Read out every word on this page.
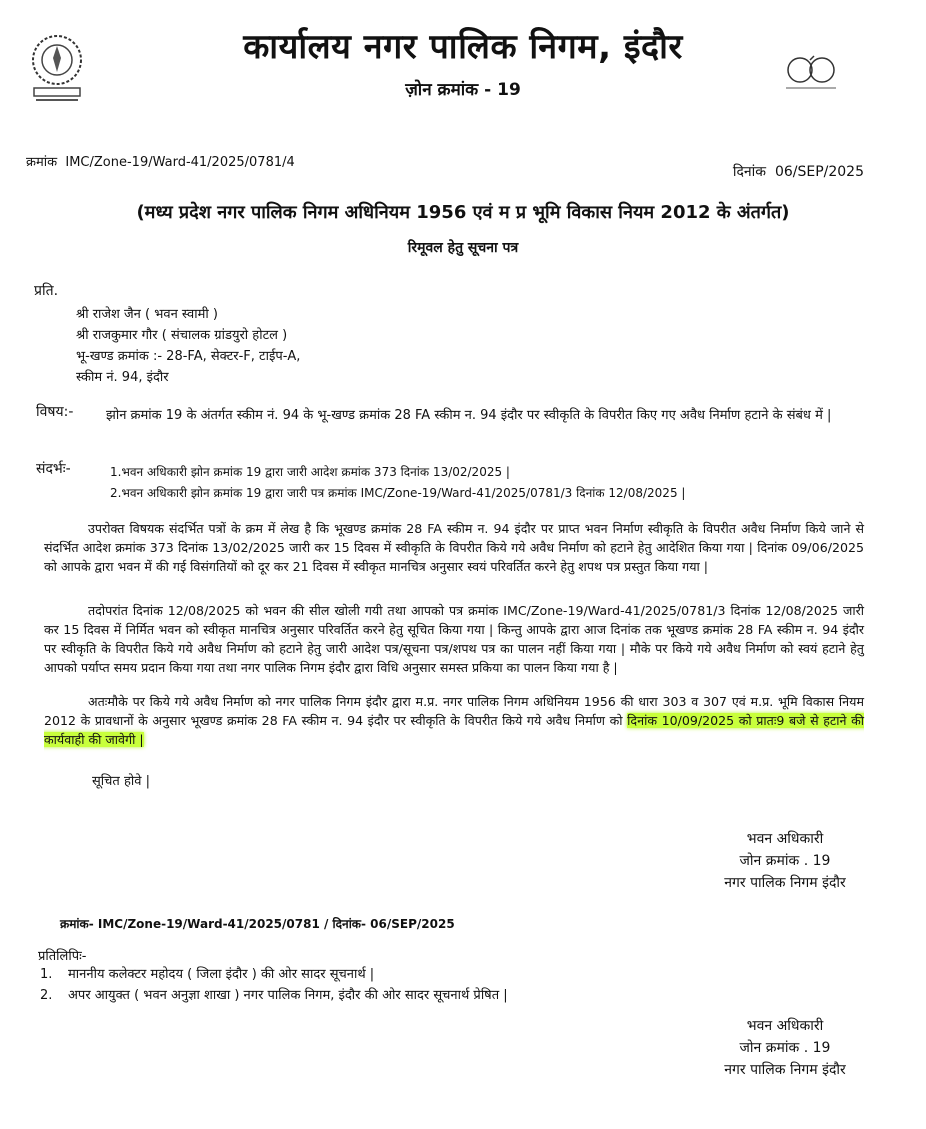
कार्यालय नगर पालिक निगम, इंदौर
ज़ोन क्रमांक - 19
क्रमांक IMC/Zone-19/Ward-41/2025/0781/4
दिनांक 06/SEP/2025
(मध्य प्रदेश नगर पालिक निगम अधिनियम 1956 एवं म प्र भूमि विकास नियम 2012 के अंतर्गत)
रिमूवल हेतु सूचना पत्र
प्रति.
श्री राजेश जैन ( भवन स्वामी )
श्री राजकुमार गौर ( संचालक ग्रांडयुरो होटल )
भू-खण्ड क्रमांक :- 28-FA, सेक्टर-F, टाईप-A,
स्कीम नं. 94, इंदौर
विषय:-	झोन क्रमांक 19 के अंतर्गत स्कीम नं. 94 के भू-खण्ड क्रमांक 28 FA स्कीम न. 94 इंदौर पर स्वीकृति के विपरीत किए गए अवैध निर्माण हटाने के संबंध में |
संदर्भः-	1.भवन अधिकारी झोन क्रमांक 19 द्वारा जारी आदेश क्रमांक 373 दिनांक 13/02/2025 |
2.भवन अधिकारी झोन क्रमांक 19 द्वारा जारी पत्र क्रमांक IMC/Zone-19/Ward-41/2025/0781/3 दिनांक 12/08/2025 |
उपरोक्त विषयक संदर्भित पत्रों के क्रम में लेख है कि भूखण्ड क्रमांक 28 FA स्कीम न. 94 इंदौर पर प्राप्त भवन निर्माण स्वीकृति के विपरीत अवैध निर्माण किये जाने से संदर्भित आदेश क्रमांक 373 दिनांक 13/02/2025 जारी कर 15 दिवस में स्वीकृति के विपरीत किये गये अवैध निर्माण को हटाने हेतु आदेशित किया गया | दिनांक 09/06/2025 को आपके द्वारा भवन में की गई विसंगतियों को दूर कर 21 दिवस में स्वीकृत मानचित्र अनुसार स्वयं परिवर्तित करने हेतु शपथ पत्र प्रस्तुत किया गया |
तदोपरांत दिनांक 12/08/2025 को भवन की सील खोली गयी तथा आपको पत्र क्रमांक IMC/Zone-19/Ward-41/2025/0781/3 दिनांक 12/08/2025 जारी कर 15 दिवस में निर्मित भवन को स्वीकृत मानचित्र अनुसार परिवर्तित करने हेतु सूचित किया गया | किन्तु आपके द्वारा आज दिनांक तक भूखण्ड क्रमांक 28 FA स्कीम न. 94 इंदौर पर स्वीकृति के विपरीत किये गये अवैध निर्माण को हटाने हेतु जारी आदेश पत्र/सूचना पत्र/शपथ पत्र का पालन नहीं किया गया | मौके पर किये गये अवैध निर्माण को स्वयं हटाने हेतु आपको पर्याप्त समय प्रदान किया गया तथा नगर पालिक निगम इंदौर द्वारा विधि अनुसार समस्त प्रकिया का पालन किया गया है |
अतःमौके पर किये गये अवैध निर्माण को नगर पालिक निगम इंदौर द्वारा म.प्र. नगर पालिक निगम अधिनियम 1956 की धारा 303 व 307 एवं म.प्र. भूमि विकास नियम 2012 के प्रावधानों के अनुसार भूखण्ड क्रमांक 28 FA स्कीम न. 94 इंदौर पर स्वीकृति के विपरीत किये गये अवैध निर्माण को दिनांक 10/09/2025 को प्रातः9 बजे से हटाने की कार्यवाही की जावेगी |
सूचित होवे |
भवन अधिकारी
जोन क्रमांक . 19
नगर पालिक निगम इंदौर
क्रमांक- IMC/Zone-19/Ward-41/2025/0781 / दिनांक- 06/SEP/2025
प्रतिलिपिः-
1. माननीय कलेक्टर महोदय ( जिला इंदौर ) की ओर सादर सूचनार्थ |
2. अपर आयुक्त ( भवन अनुज्ञा शाखा ) नगर पालिक निगम, इंदौर की ओर सादर सूचनार्थ प्रेषित |
भवन अधिकारी
जोन क्रमांक . 19
नगर पालिक निगम इंदौर
